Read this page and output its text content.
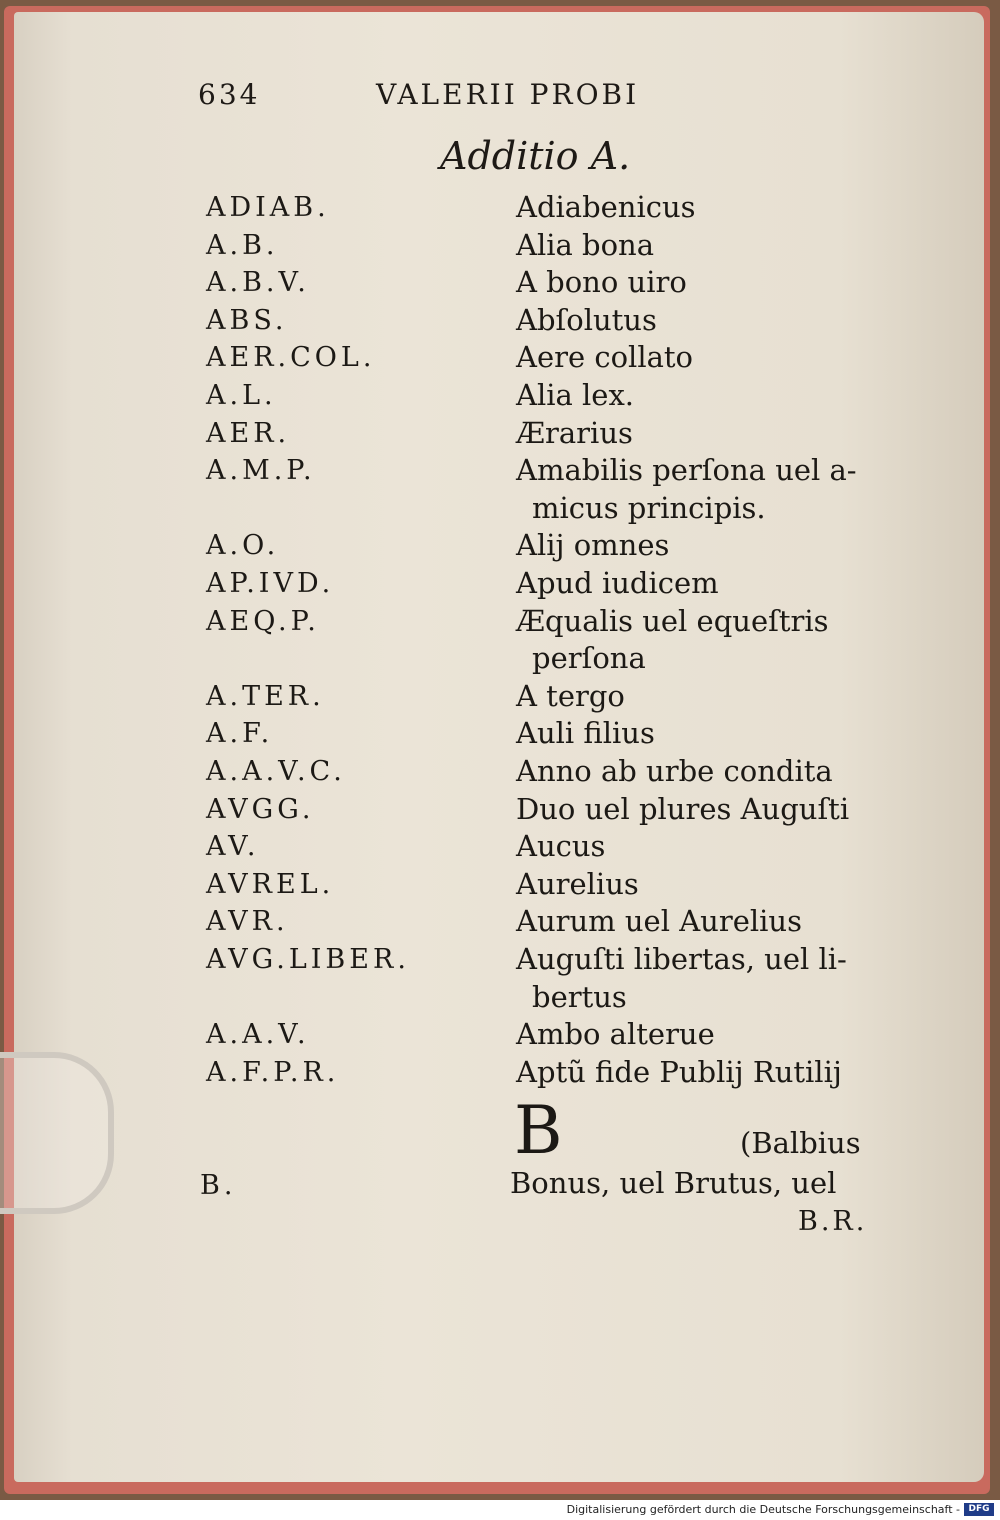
634	VALERII PROBI
Additio A.
ADIAB.	Adiabenicus
A.B.	Alia bona
A.B.V.	A bono uiro
ABS.	Abſolutus
AER.COL.	Aere collato
A.L.	Alia lex.
AER.	Ærarius
A.M.P.	Amabilis perſona uel a-
micus principis.
A.O.	Alij omnes
AP.IVD.	Apud iudicem
AEQ.P.	Æqualis uel equeſtris
perſona
A.TER.	A tergo
A.F.	Auli filius
A.A.V.C.	Anno ab urbe condita
AVGG.	Duo uel plures Auguſti
AV.	Aucus
AVREL.	Aurelius
AVR.	Aurum uel Aurelius
AVG.LIBER.	Auguſti libertas, uel li-
bertus
A.A.V.	Ambo alterue
A.F.P.R.	Aptũ fide Publij Rutilij
B	(Balbius
B.	Bonus, uel Brutus, uel
B.R.
Digitalisierung gefördert durch die Deutsche Forschungsgemeinschaft - DFG
